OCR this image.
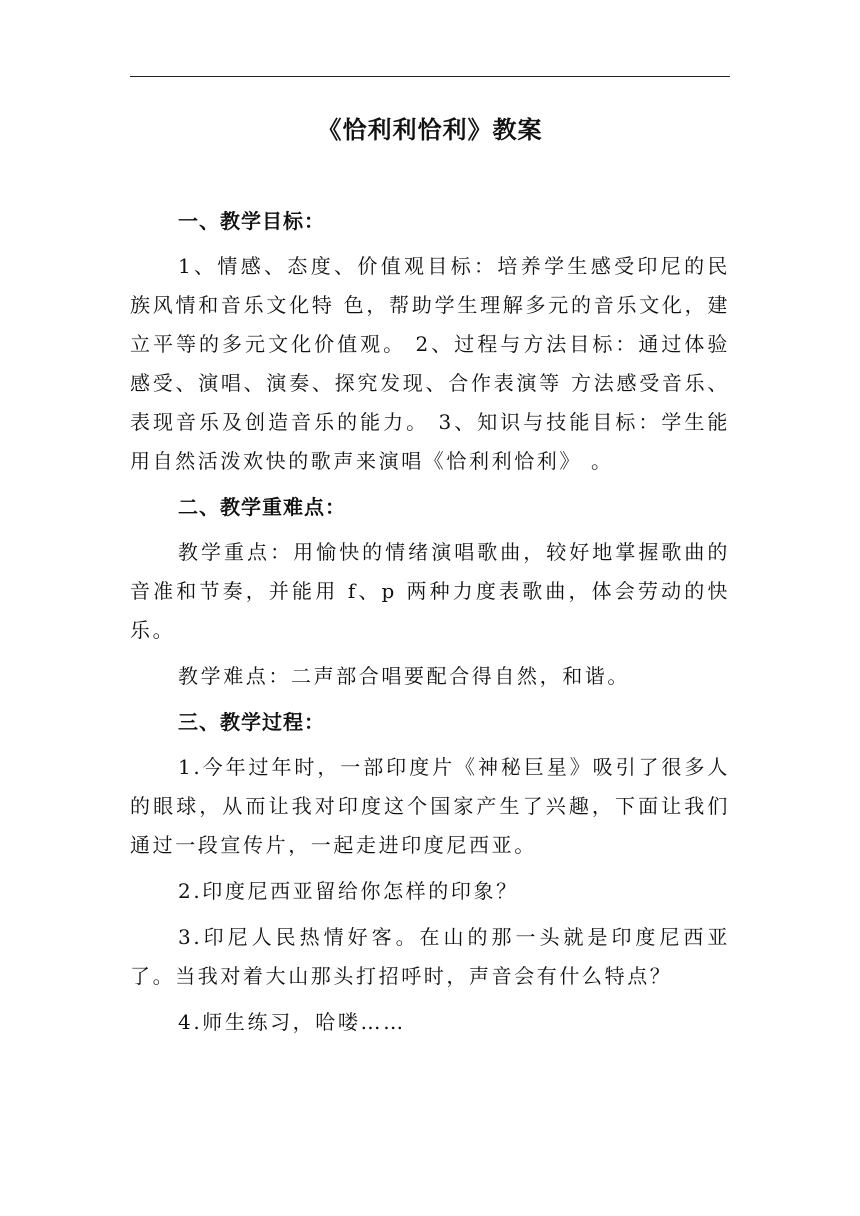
《恰利利恰利》教案
一、教学目标：

1、情感、态度、价值观目标：培养学生感受印尼的民族风情和音乐文化特 色，帮助学生理解多元的音乐文化，建立平等的多元文化价值观。 2、过程与方法目标：通过体验感受、演唱、演奏、探究发现、合作表演等 方法感受音乐、表现音乐及创造音乐的能力。 3、知识与技能目标：学生能用自然活泼欢快的歌声来演唱《恰利利恰利》 。

二、教学重难点：

教学重点：用愉快的情绪演唱歌曲，较好地掌握歌曲的音准和节奏，并能用 f、p 两种力度表歌曲，体会劳动的快乐。

教学难点：二声部合唱要配合得自然，和谐。

三、教学过程：

1.今年过年时，一部印度片《神秘巨星》吸引了很多人的眼球，从而让我对印度这个国家产生了兴趣，下面让我们通过一段宣传片，一起走进印度尼西亚。

2.印度尼西亚留给你怎样的印象？

3.印尼人民热情好客。在山的那一头就是印度尼西亚了。当我对着大山那头打招呼时，声音会有什么特点？

4.师生练习，哈喽……
